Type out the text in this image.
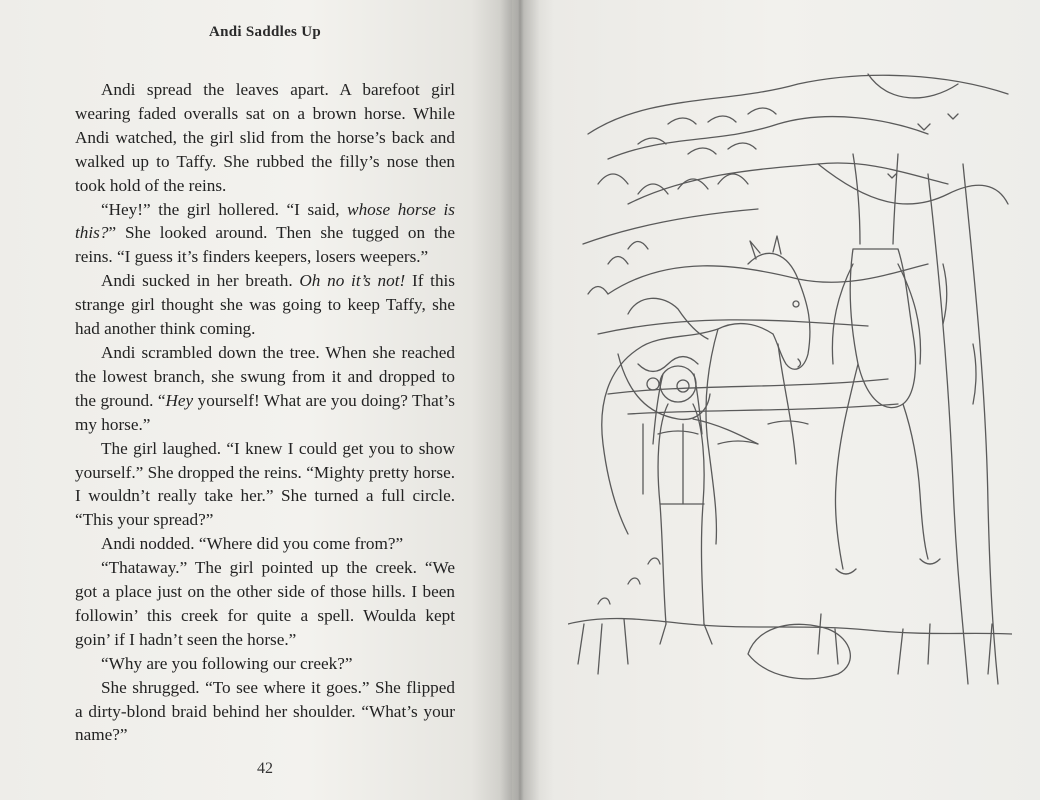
Andi Saddles Up

Andi spread the leaves apart. A barefoot girl wearing faded overalls sat on a brown horse. While Andi watched, the girl slid from the horse’s back and walked up to Taffy. She rubbed the filly’s nose then took hold of the reins.

“Hey!” the girl hollered. “I said, whose horse is this?” She looked around. Then she tugged on the reins. “I guess it’s finders keepers, losers weepers.”

Andi sucked in her breath. Oh no it’s not! If this strange girl thought she was going to keep Taffy, she had another think coming.

Andi scrambled down the tree. When she reached the lowest branch, she swung from it and dropped to the ground. “Hey yourself! What are you doing? That’s my horse.”

The girl laughed. “I knew I could get you to show yourself.” She dropped the reins. “Mighty pretty horse. I wouldn’t really take her.” She turned a full circle. “This your spread?”

Andi nodded. “Where did you come from?”

“Thataway.” The girl pointed up the creek. “We got a place just on the other side of those hills. I been followin’ this creek for quite a spell. Woulda kept goin’ if I hadn’t seen the horse.”

“Why are you following our creek?”

She shrugged. “To see where it goes.” She flipped a dirty-blond braid behind her shoulder. “What’s your name?”

42
